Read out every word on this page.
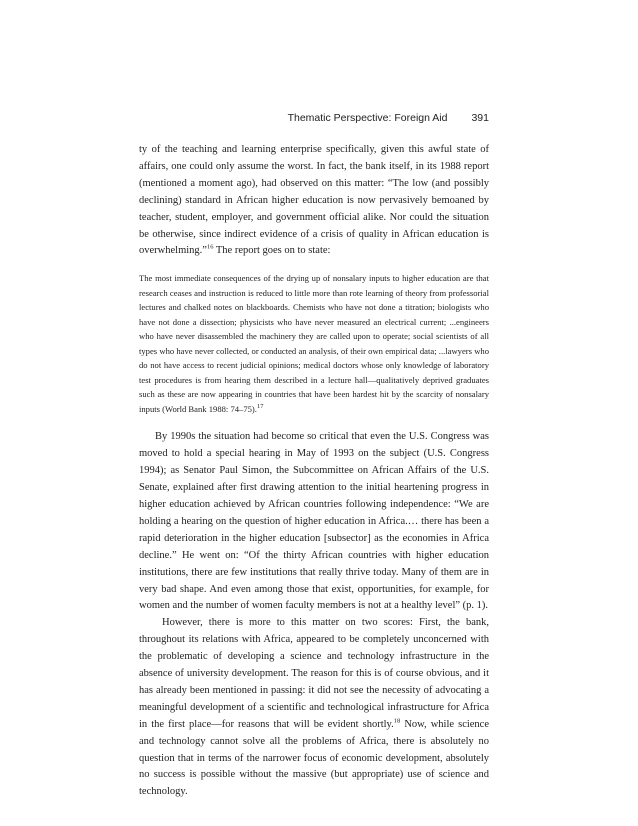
Thematic Perspective: Foreign Aid 391

ty of the teaching and learning enterprise specifically, given this awful state of affairs, one could only assume the worst. In fact, the bank itself, in its 1988 report (mentioned a moment ago), had observed on this matter: “The low (and possibly declining) standard in African higher education is now pervasively bemoaned by teacher, student, employer, and government official alike. Nor could the situation be otherwise, since indirect evidence of a crisis of quality in African education is overwhelming.”$^{16}$ The report goes on to state:

The most immediate consequences of the drying up of nonsalary inputs to higher education are that research ceases and instruction is reduced to little more than rote learning of theory from professorial lectures and chalked notes on blackboards. Chemists who have not done a titration; biologists who have not done a dissection; physicists who have never measured an electrical current; ...engineers who have never disassembled the machinery they are called upon to operate; social scientists of all types who have never collected, or conducted an analysis, of their own empirical data; ...lawyers who do not have access to recent judicial opinions; medical doctors whose only knowledge of laboratory test procedures is from hearing them described in a lecture hall—qualitatively deprived graduates such as these are now appearing in countries that have been hardest hit by the scarcity of nonsalary inputs (World Bank 1988: 74–75).$^{17}$

By 1990s the situation had become so critical that even the U.S. Congress was moved to hold a special hearing in May of 1993 on the subject (U.S. Congress 1994); as Senator Paul Simon, the Subcommittee on African Affairs of the U.S. Senate, explained after first drawing attention to the initial heartening progress in higher education achieved by African countries following independence: “We are holding a hearing on the question of higher education in Africa.… there has been a rapid deterioration in the higher education [subsector] as the economies in Africa decline.” He went on: “Of the thirty African countries with higher education institutions, there are few institutions that really thrive today. Many of them are in very bad shape. And even among those that exist, opportunities, for example, for women and the number of women faculty members is not at a healthy level” (p. 1).

However, there is more to this matter on two scores: First, the bank, throughout its relations with Africa, appeared to be completely unconcerned with the problematic of developing a science and technology infrastructure in the absence of university development. The reason for this is of course obvious, and it has already been mentioned in passing: it did not see the necessity of advocating a meaningful development of a scientific and technological infrastructure for Africa in the first place—for reasons that will be evident shortly.$^{18}$ Now, while science and technology cannot solve all the problems of Africa, there is absolutely no question that in terms of the narrower focus of economic development, absolutely no success is possible without the massive (but appropriate) use of science and technology.
